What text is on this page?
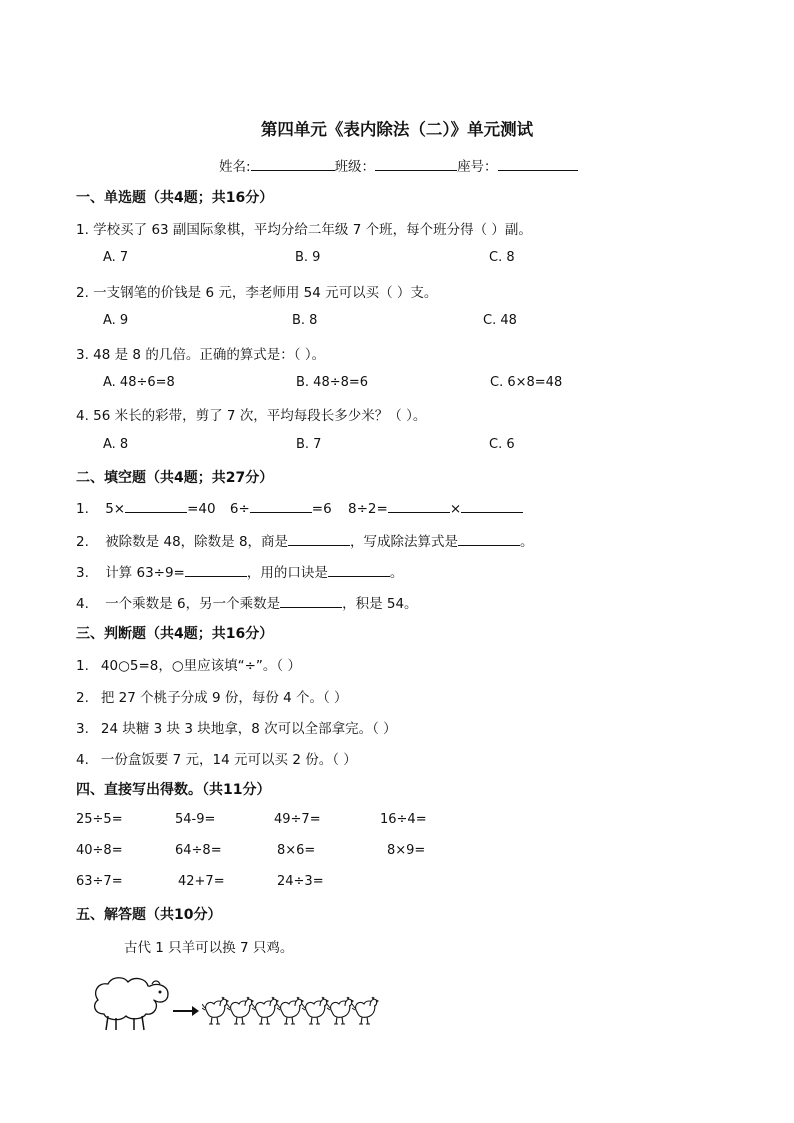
第四单元《表内除法（二）》单元测试
姓名:	班级：	座号：
一、单选题（共4题；共16分）
1. 学校买了 63 副国际象棋，平均分给二年级 7 个班，每个班分得（ ）副。
A. 7	B. 9	C. 8
2. 一支钢笔的价钱是 6 元，李老师用 54 元可以买（ ）支。
A. 9	B. 8	C. 48
3. 48 是 8 的几倍。正确的算式是：（ ）。
A. 48÷6=8	B. 48÷8=6	C. 6×8=48
4. 56 米长的彩带，剪了 7 次，平均每段长多少米？（ ）。
A. 8	B. 7	C. 6
二、填空题（共4题；共27分）
1. 5×	=40 6÷	=6 8÷2=	×
2. 被除数是 48，除数是 8，商是	，写成除法算式是	。
3. 计算 63÷9=	，用的口诀是	。
4. 一个乘数是 6，另一个乘数是	，积是 54。
三、判断题（共4题；共16分）
1. 40○5=8，○里应该填“÷”。（ ）
2. 把 27 个桃子分成 9 份，每份 4 个。（ ）
3. 24 块糖 3 块 3 块地拿，8 次可以全部拿完。（ ）
4. 一份盒饭要 7 元，14 元可以买 2 份。（ ）
四、直接写出得数。（共11分）
25÷5=	54-9=	49÷7=	16÷4=
40÷8=	64÷8=	8×6=	8×9=
63÷7=	42+7=	24÷3=
五、解答题（共10分）
古代 1 只羊可以换 7 只鸡。
